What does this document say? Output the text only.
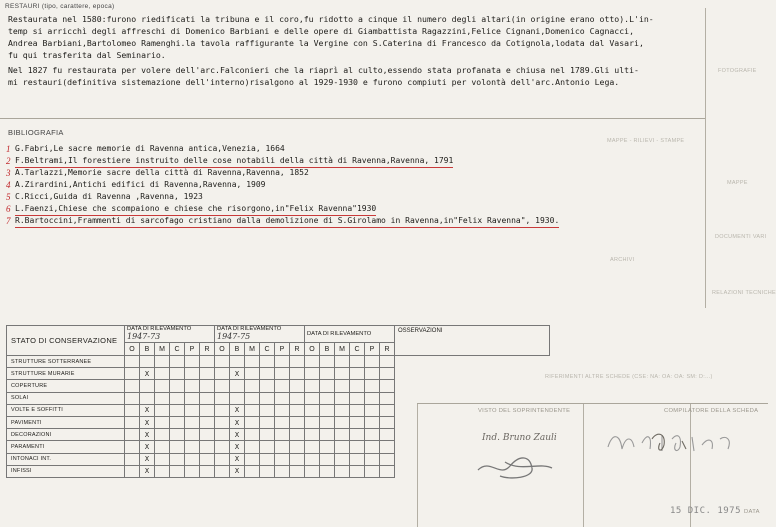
MAPPE - RILIEVI - STAMPE
FOTOGRAFIE
MAPPE
DOCUMENTI VARI
ARCHIVI
RELAZIONI TECNICHE
RIFERIMENTI ALTRE SCHEDE (CSE: NA: OA: OA: SM: D:...)
RESTAURI (tipo, carattere, epoca)
Restaurata nel 1580:furono riedificati la tribuna e il coro,fu ridotto a cinque il numero degli altari(in origine erano otto).L'in-
temp si arricchì degli affreschi di Domenico Barbiani e delle opere di Giambattista Ragazzini,Felice Cignani,Domenico Cagnacci,
Andrea Barbiani,Bartolomeo Ramenghi.la tavola raffigurante la Vergine con S.Caterina di Francesco da Cotignola,lodata dal Vasari,
fu qui trasferita dal Seminario.
Nel 1827 fu restaurata per volere dell'arc.Falconieri che la riaprì al culto,essendo stata profanata e chiusa nel 1789.Gli ulti-
mi restauri(definitiva sistemazione dell'interno)risalgono al 1929-1930 e furono compiuti per volontà dell'arc.Antonio Lega.
BIBLIOGRAFIA
1 G.Fabri,Le sacre memorie di Ravenna antica,Venezia, 1664
2 F.Beltrami,Il forestiere instruito delle cose notabili della città di Ravenna,Ravenna, 1791
3 A.Tarlazzi,Memorie sacre della città di Ravenna,Ravenna, 1852
4 A.Zirardini,Antichi edifici di Ravenna,Ravenna, 1909
5 C.Ricci,Guida di Ravenna ,Ravenna, 1923
6 L.Faenzi,Chiese che scompaiono e chiese che risorgono,in"Felix Ravenna"1930
7 R.Bartoccini,Frammenti di sarcofago cristiano dalla demolizione di S.Girolamo in Ravenna,in"Felix Ravenna", 1930.
STATO DI CONSERVAZIONE	DATA DI RILEVAMENTO 1947-73						DATA DI RILEVAMENTO 1947-75						DATA DI RILEVAMENTO						OSSERVAZIONI
	O	B	M	C	P	R	O	B	M	C	P	R	O	B	M	C	P	R	
STRUTTURE SOTTERRANEE																			
STRUTTURE MURARIE		X						X											
COPERTURE																			
SOLAI																			
VOLTE E SOFFITTI		X						X											
PAVIMENTI		X						X											
DECORAZIONI		X						X											
PARAMENTI		X						X											
INTONACI INT.		X						X											
INFISSI		X						X											
VISTO DEL SOPRINTENDENTE	COMPILATORE DELLA SCHEDA
Ind. Bruno Zauli
DATA
15 DIC. 1975
